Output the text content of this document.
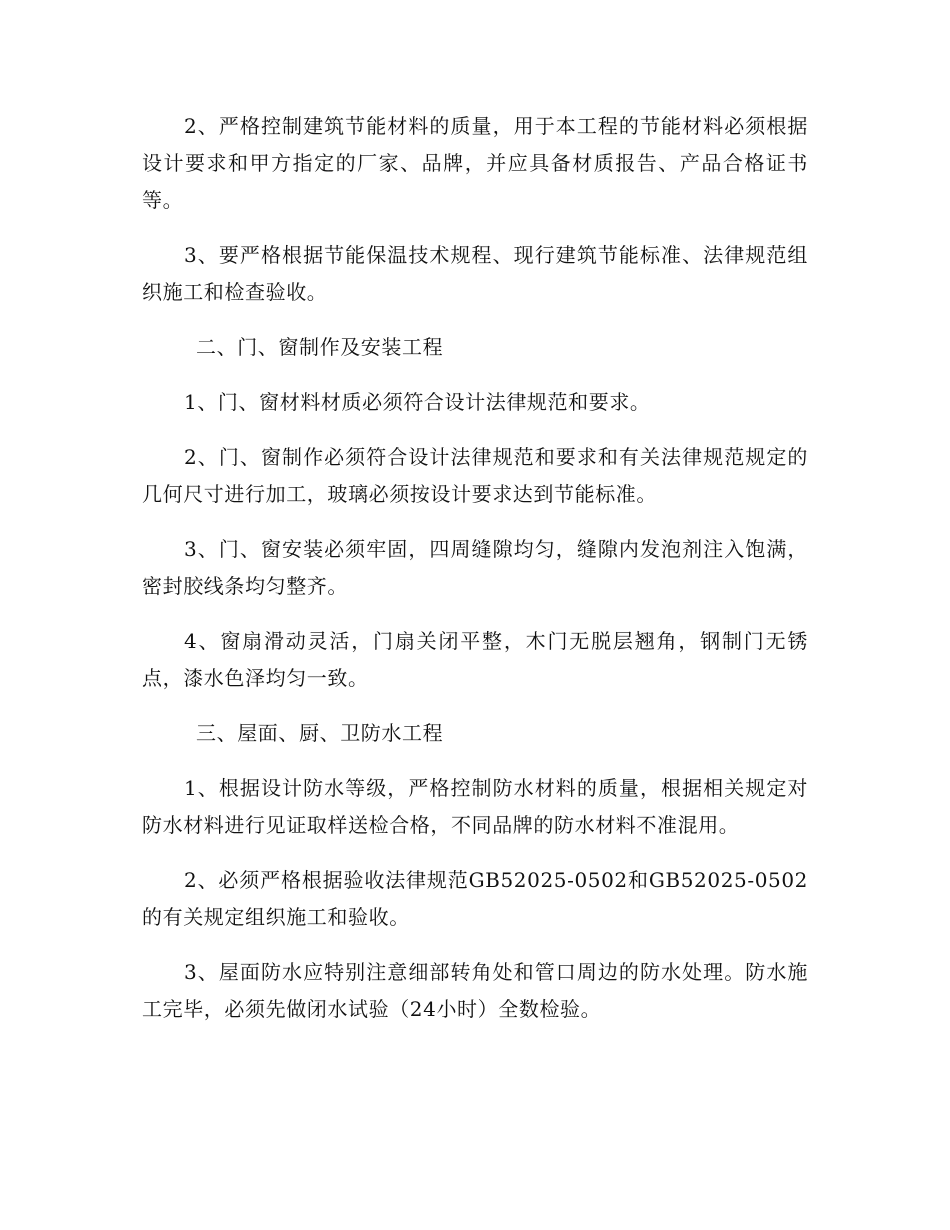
2、严格控制建筑节能材料的质量，用于本工程的节能材料必须根据设计要求和甲方指定的厂家、品牌，并应具备材质报告、产品合格证书等。

3、要严格根据节能保温技术规程、现行建筑节能标准、法律规范组织施工和检查验收。

二、门、窗制作及安装工程

1、门、窗材料材质必须符合设计法律规范和要求。

2、门、窗制作必须符合设计法律规范和要求和有关法律规范规定的几何尺寸进行加工，玻璃必须按设计要求达到节能标准。

3、门、窗安装必须牢固，四周缝隙均匀，缝隙内发泡剂注入饱满，密封胶线条均匀整齐。

4、窗扇滑动灵活，门扇关闭平整，木门无脱层翘角，钢制门无锈点，漆水色泽均匀一致。

三、屋面、厨、卫防水工程

1、根据设计防水等级，严格控制防水材料的质量，根据相关规定对防水材料进行见证取样送检合格，不同品牌的防水材料不准混用。

2、必须严格根据验收法律规范GB52025-0502和GB52025-0502的有关规定组织施工和验收。

3、屋面防水应特别注意细部转角处和管口周边的防水处理。防水施工完毕，必须先做闭水试验（24小时）全数检验。
